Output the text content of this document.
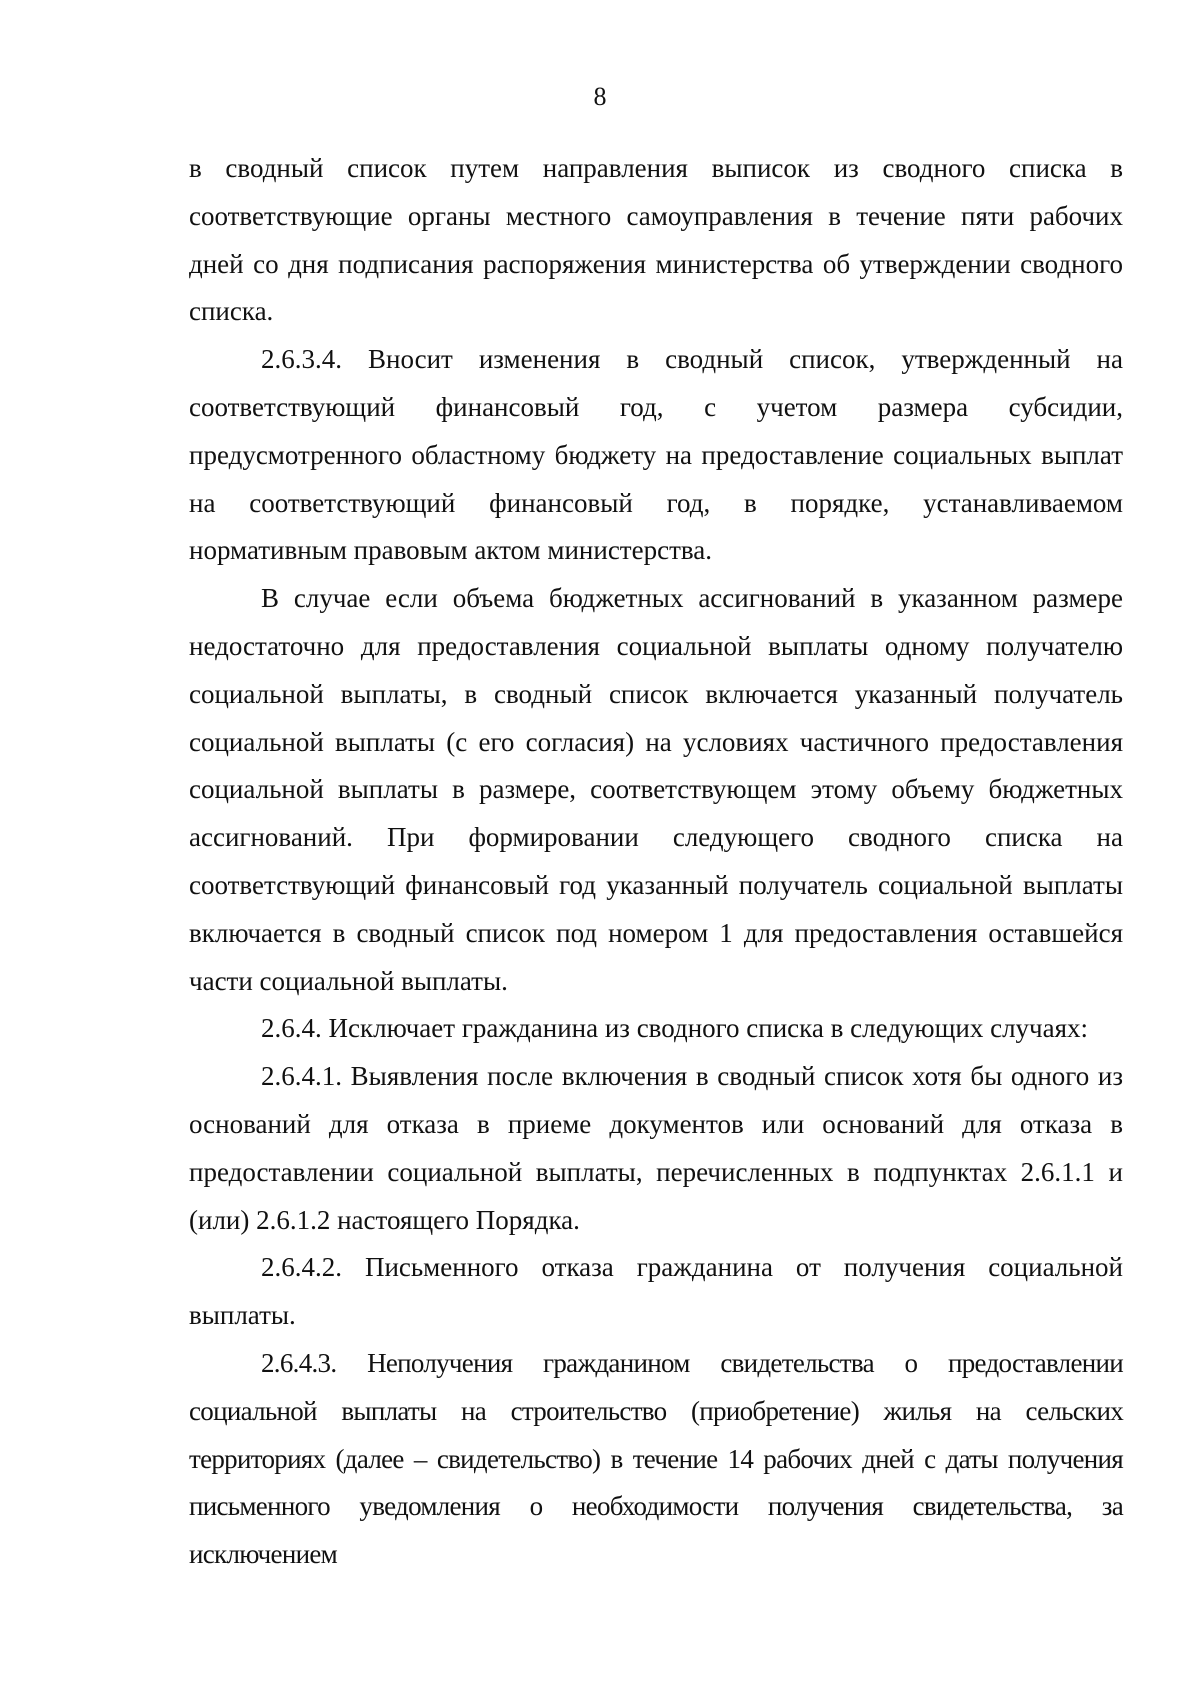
8

в сводный список путем направления выписок из сводного списка в соответствующие органы местного самоуправления в течение пяти рабочих дней со дня подписания распоряжения министерства об утверждении сводного списка.

2.6.3.4. Вносит изменения в сводный список, утвержденный на соответствующий финансовый год, с учетом размера субсидии, предусмотренного областному бюджету на предоставление социальных выплат на соответствующий финансовый год, в порядке, устанавливаемом нормативным правовым актом министерства.

В случае если объема бюджетных ассигнований в указанном размере недостаточно для предоставления социальной выплаты одному получателю социальной выплаты, в сводный список включается указанный получатель социальной выплаты (с его согласия) на условиях частичного предоставления социальной выплаты в размере, соответствующем этому объему бюджетных ассигнований. При формировании следующего сводного списка на соответствующий финансовый год указанный получатель социальной выплаты включается в сводный список под номером 1 для предоставления оставшейся части социальной выплаты.

2.6.4. Исключает гражданина из сводного списка в следующих случаях:

2.6.4.1. Выявления после включения в сводный список хотя бы одного из оснований для отказа в приеме документов или оснований для отказа в предоставлении социальной выплаты, перечисленных в подпунктах 2.6.1.1 и (или) 2.6.1.2 настоящего Порядка.

2.6.4.2. Письменного отказа гражданина от получения социальной выплаты.

2.6.4.3. Неполучения гражданином свидетельства о предоставлении социальной выплаты на строительство (приобретение) жилья на сельских территориях (далее – свидетельство) в течение 14 рабочих дней с даты получения письменного уведомления о необходимости получения свидетельства, за исключением
